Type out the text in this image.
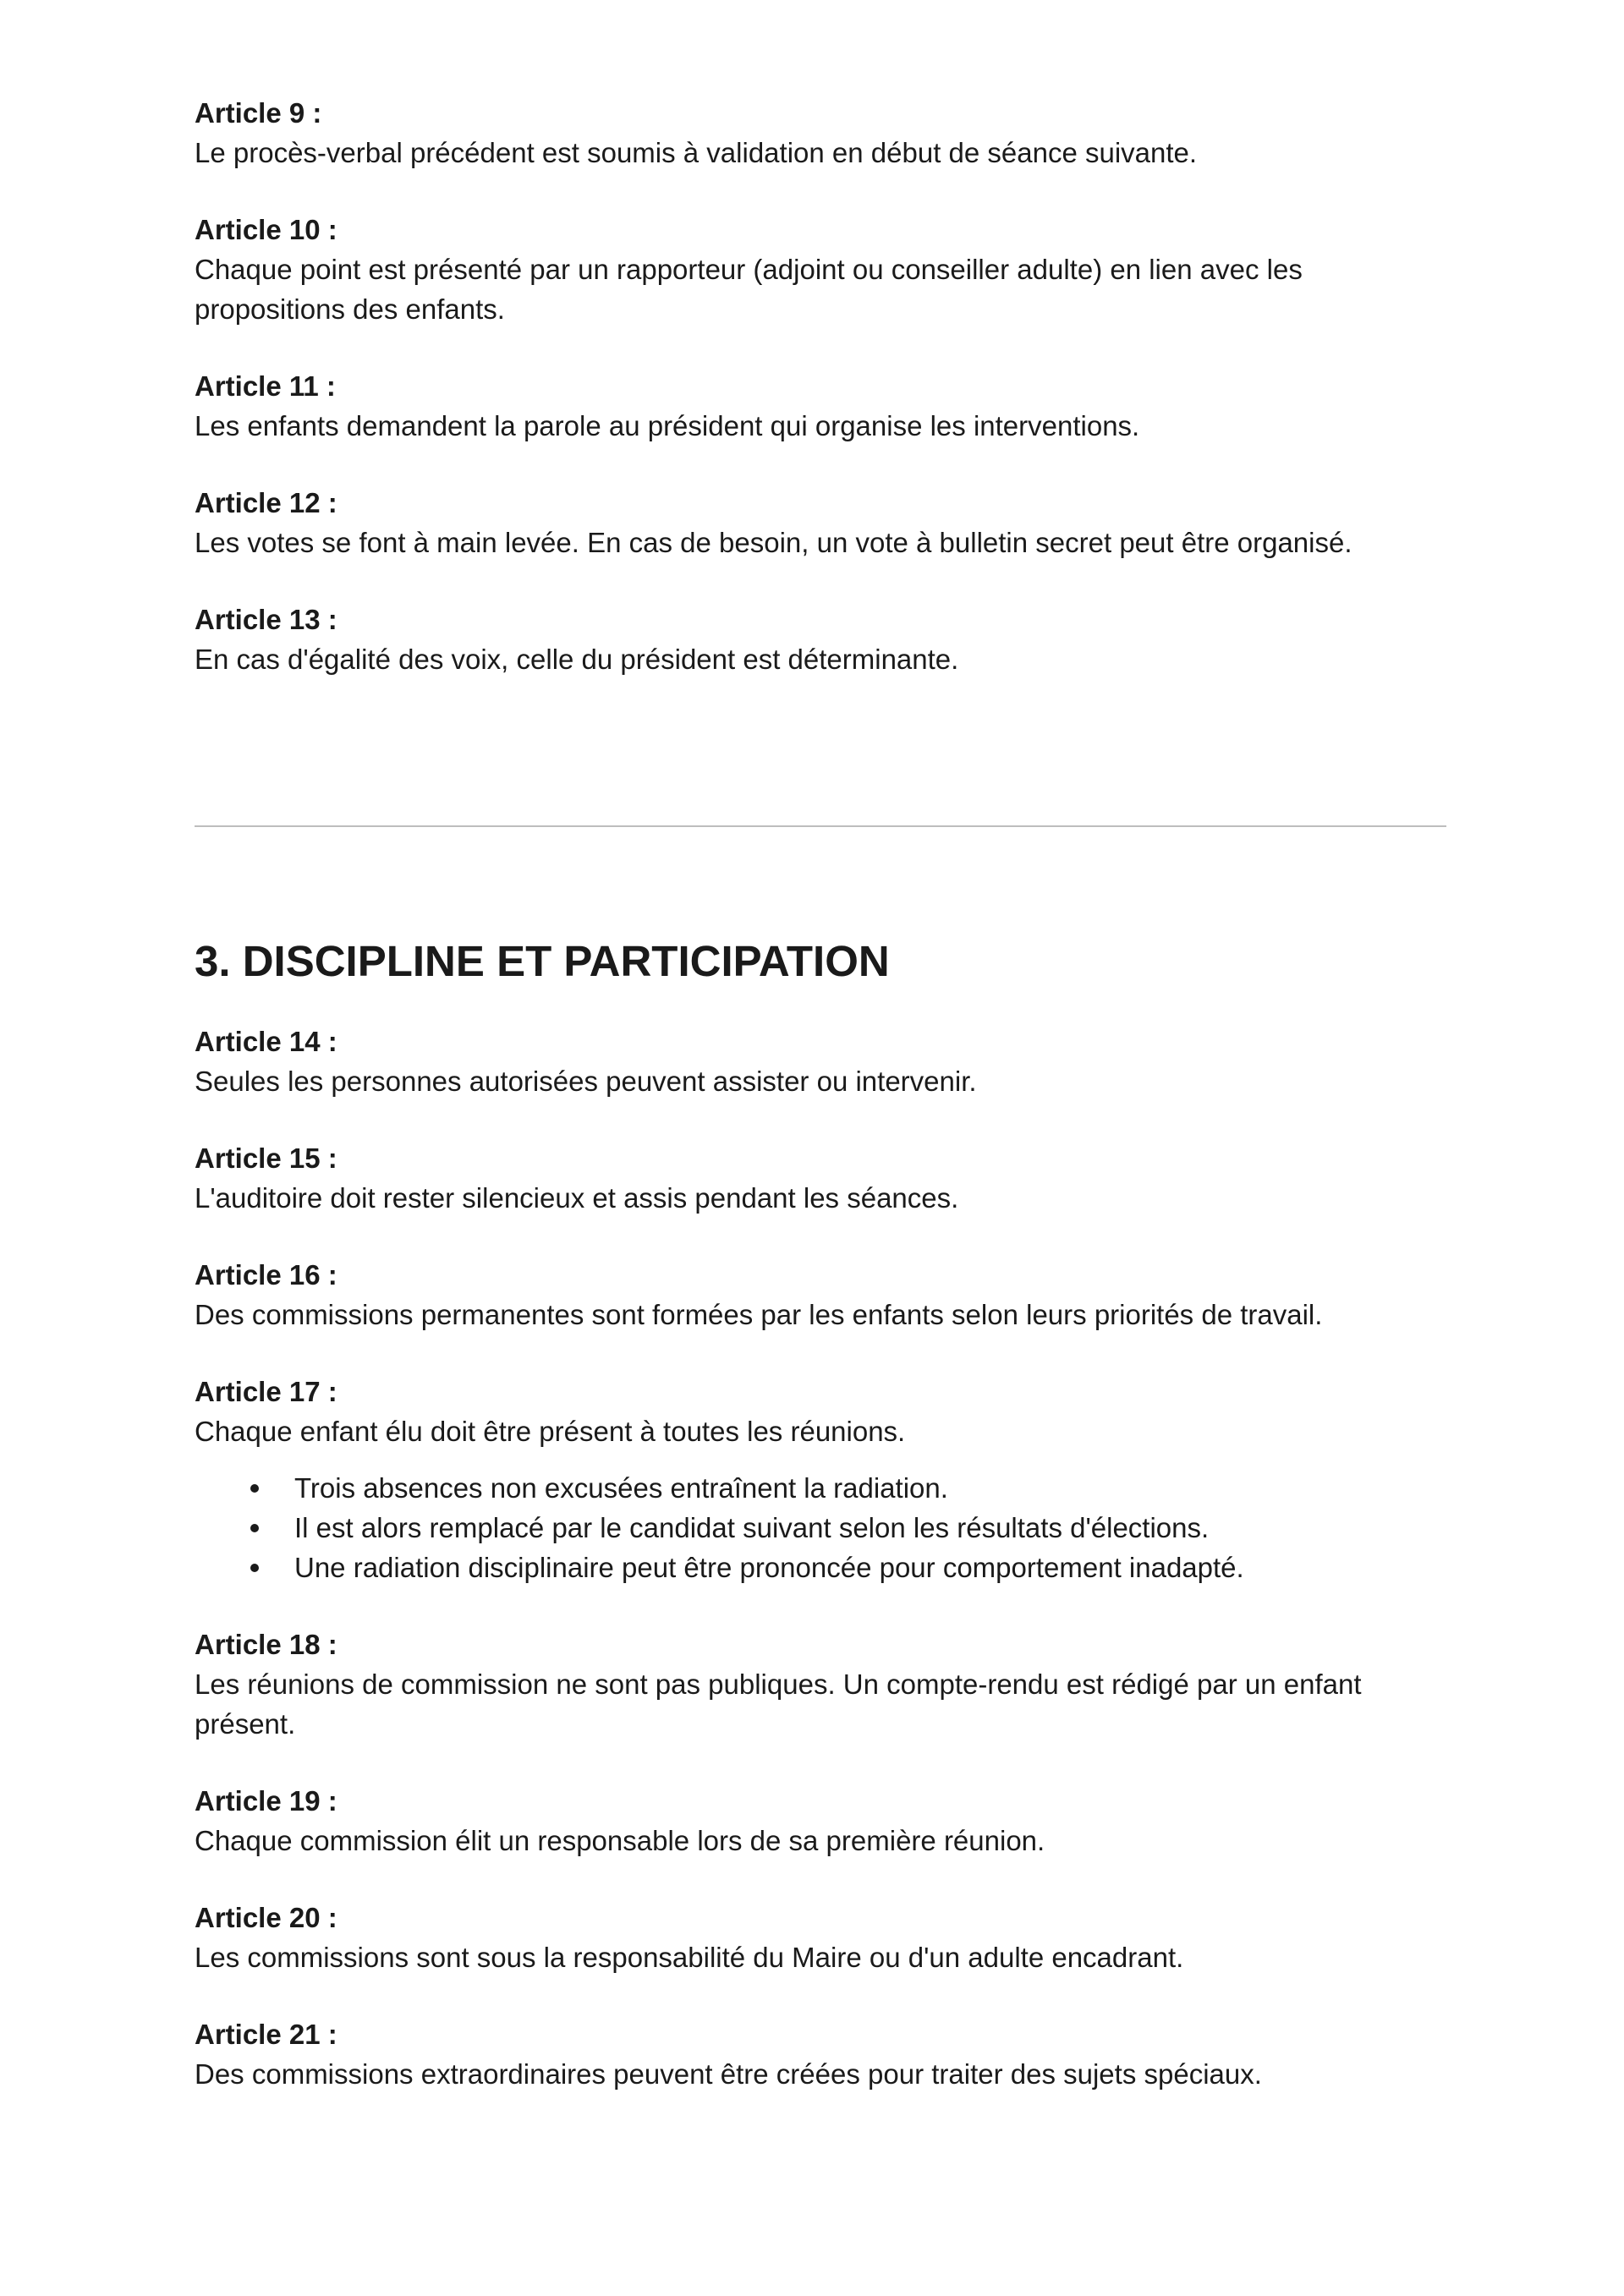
Article 9 :

Le procès-verbal précédent est soumis à validation en début de séance suivante.

Article 10 :

Chaque point est présenté par un rapporteur (adjoint ou conseiller adulte) en lien avec les propositions des enfants.

Article 11 :

Les enfants demandent la parole au président qui organise les interventions.

Article 12 :

Les votes se font à main levée. En cas de besoin, un vote à bulletin secret peut être organisé.

Article 13 :

En cas d'égalité des voix, celle du président est déterminante.

3. DISCIPLINE ET PARTICIPATION

Article 14 :

Seules les personnes autorisées peuvent assister ou intervenir.

Article 15 :

L'auditoire doit rester silencieux et assis pendant les séances.

Article 16 :

Des commissions permanentes sont formées par les enfants selon leurs priorités de travail.

Article 17 :

Chaque enfant élu doit être présent à toutes les réunions.

Trois absences non excusées entraînent la radiation.
Il est alors remplacé par le candidat suivant selon les résultats d'élections.
Une radiation disciplinaire peut être prononcée pour comportement inadapté.

Article 18 :

Les réunions de commission ne sont pas publiques. Un compte-rendu est rédigé par un enfant présent.

Article 19 :

Chaque commission élit un responsable lors de sa première réunion.

Article 20 :

Les commissions sont sous la responsabilité du Maire ou d'un adulte encadrant.

Article 21 :

Des commissions extraordinaires peuvent être créées pour traiter des sujets spéciaux.
